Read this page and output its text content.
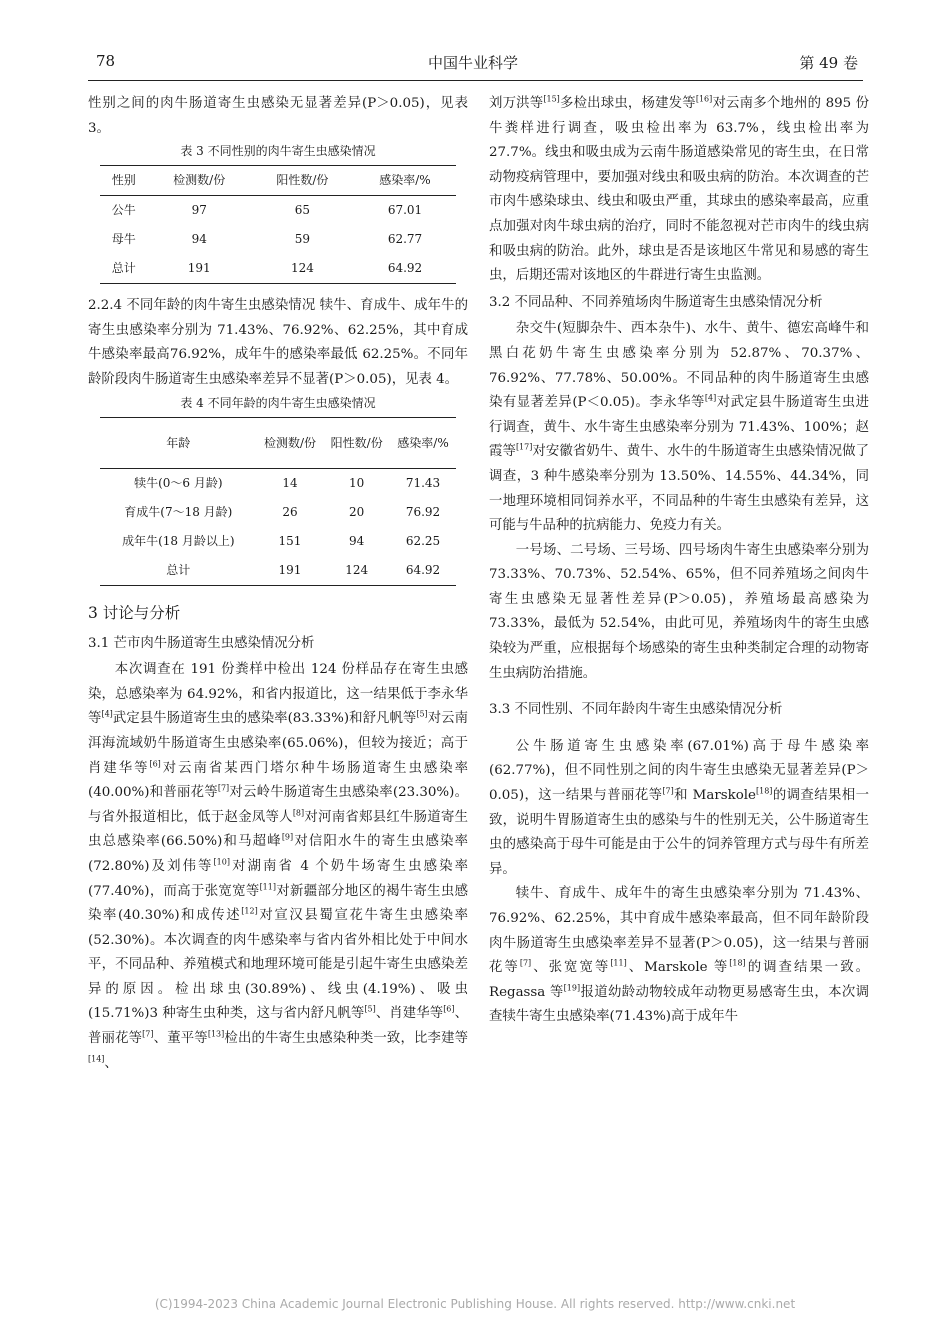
78	中国牛业科学	第 49 卷

性别之间的肉牛肠道寄生虫感染无显著差异(P＞0.05)，见表 3。

表 3 不同性别的肉牛寄生虫感染情况

性别	检测数/份	阳性数/份	感染率/%
公牛	97	65	67.01
母牛	94	59	62.77
总计	191	124	64.92

2.2.4 不同年龄的肉牛寄生虫感染情况 犊牛、育成牛、成年牛的寄生虫感染率分别为 71.43%、76.92%、62.25%，其中育成牛感染率最高76.92%，成年牛的感染率最低 62.25%。不同年龄阶段肉牛肠道寄生虫感染率差异不显著(P＞0.05)，见表 4。

表 4 不同年龄的肉牛寄生虫感染情况

年龄	检测数/份	阳性数/份	感染率/%
犊牛(0～6 月龄)	14	10	71.43
育成牛(7～18 月龄)	26	20	76.92
成年牛(18 月龄以上)	151	94	62.25
总计	191	124	64.92

3 讨论与分析

3.1 芒市肉牛肠道寄生虫感染情况分析

本次调查在 191 份粪样中检出 124 份样品存在寄生虫感染，总感染率为 64.92%，和省内报道比，这一结果低于李永华等[4]武定县牛肠道寄生虫的感染率(83.33%)和舒凡帆等[5]对云南洱海流域奶牛肠道寄生虫感染率(65.06%)，但较为接近；高于肖建华等[6]对云南省某西门塔尔种牛场肠道寄生虫感染率(40.00%)和普丽花等[7]对云岭牛肠道寄生虫感染率(23.30%)。与省外报道相比，低于赵金凤等人[8]对河南省郏县红牛肠道寄生虫总感染率(66.50%)和马超峰[9]对信阳水牛的寄生虫感染率(72.80%)及刘伟等[10]对湖南省 4 个奶牛场寄生虫感染率(77.40%)，而高于张宽宽等[11]对新疆部分地区的褐牛寄生虫感染率(40.30%)和成传述[12]对宣汉县蜀宣花牛寄生虫感染率(52.30%)。本次调查的肉牛感染率与省内省外相比处于中间水平，不同品种、养殖模式和地理环境可能是引起牛寄生虫感染差异的原因。检出球虫(30.89%)、线虫(4.19%)、吸虫(15.71%)3 种寄生虫种类，这与省内舒凡帆等[5]、肖建华等[6]、普丽花等[7]、董平等[13]检出的牛寄生虫感染种类一致，比李建等[14]、

刘万洪等[15]多检出球虫，杨建发等[16]对云南多个地州的 895 份牛粪样进行调查，吸虫检出率为 63.7%，线虫检出率为 27.7%。线虫和吸虫成为云南牛肠道感染常见的寄生虫，在日常动物疫病管理中，要加强对线虫和吸虫病的防治。本次调查的芒市肉牛感染球虫、线虫和吸虫严重，其球虫的感染率最高，应重点加强对肉牛球虫病的治疗，同时不能忽视对芒市肉牛的线虫病和吸虫病的防治。此外，球虫是否是该地区牛常见和易感的寄生虫，后期还需对该地区的牛群进行寄生虫监测。

3.2 不同品种、不同养殖场肉牛肠道寄生虫感染情况分析

杂交牛(短脚杂牛、西本杂牛)、水牛、黄牛、德宏高峰牛和黑白花奶牛寄生虫感染率分别为 52.87%、70.37%、76.92%、77.78%、50.00%。不同品种的肉牛肠道寄生虫感染有显著差异(P＜0.05)。李永华等[4]对武定县牛肠道寄生虫进行调查，黄牛、水牛寄生虫感染率分别为 71.43%、100%；赵霞等[17]对安徽省奶牛、黄牛、水牛的牛肠道寄生虫感染情况做了调查，3 种牛感染率分别为 13.50%、14.55%、44.34%，同一地理环境相同饲养水平，不同品种的牛寄生虫感染有差异，这可能与牛品种的抗病能力、免疫力有关。

一号场、二号场、三号场、四号场肉牛寄生虫感染率分别为 73.33%、70.73%、52.54%、65%，但不同养殖场之间肉牛寄生虫感染无显著性差异(P＞0.05)，养殖场最高感染为 73.33%，最低为 52.54%，由此可见，养殖场肉牛的寄生虫感染较为严重，应根据每个场感染的寄生虫种类制定合理的动物寄生虫病防治措施。

3.3 不同性别、不同年龄肉牛寄生虫感染情况分析

公牛肠道寄生虫感染率(67.01%)高于母牛感染率(62.77%)，但不同性别之间的肉牛寄生虫感染无显著差异(P＞0.05)，这一结果与普丽花等[7]和 Marskole[18]的调查结果相一致，说明牛胃肠道寄生虫的感染与牛的性别无关，公牛肠道寄生虫的感染高于母牛可能是由于公牛的饲养管理方式与母牛有所差异。

犊牛、育成牛、成年牛的寄生虫感染率分别为 71.43%、76.92%、62.25%，其中育成牛感染率最高，但不同年龄阶段肉牛肠道寄生虫感染率差异不显著(P＞0.05)，这一结果与普丽花等[7]、张宽宽等[11]、Marskole 等[18]的调查结果一致。Regassa 等[19]报道幼龄动物较成年动物更易感寄生虫，本次调查犊牛寄生虫感染率(71.43%)高于成年牛

(C)1994-2023 China Academic Journal Electronic Publishing House. All rights reserved. http://www.cnki.net
